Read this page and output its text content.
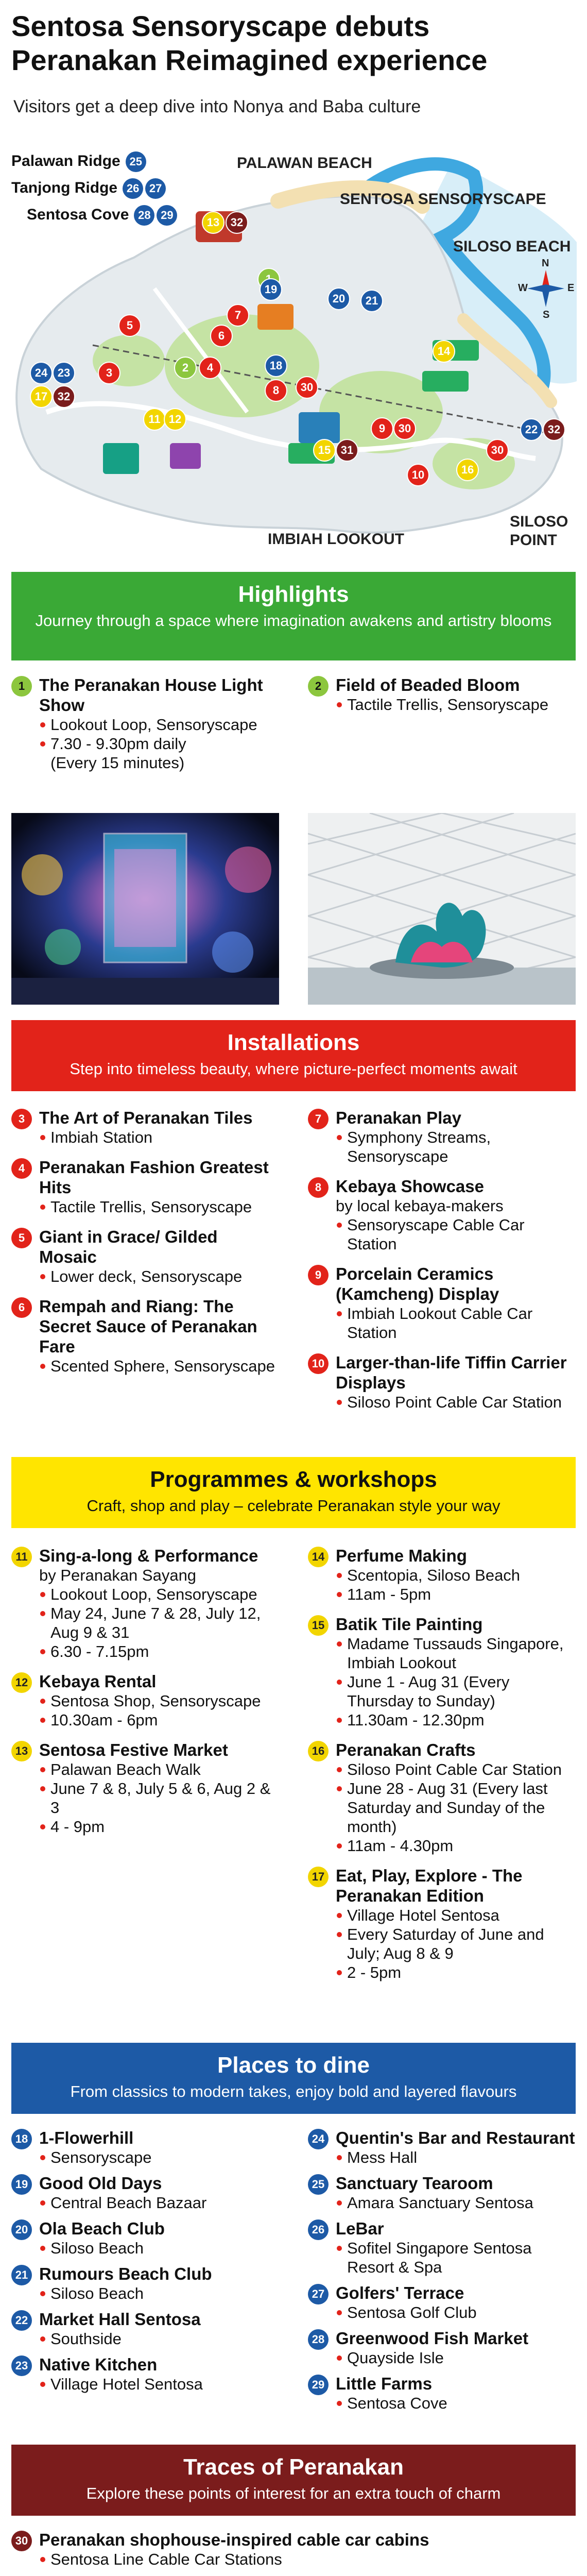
Sentosa Sensoryscape debuts Peranakan Reimagined experience
Visitors get a deep dive into Nonya and Baba culture
N
S
W	E
Palawan Ridge 25
Tanjong Ridge 26 27
Sentosa Cove 28 29
PALAWAN BEACH
SENTOSA SENSORYSCAPE
SILOSO BEACH
IMBIAH LOOKOUT
SILOSO POINT
13 32
19
20	21
14
7
6
5
2	4	18
30
8
3
24 23
17 32
11 12
9	30
15 31
10	16
30
22 32
Highlights
Journey through a space where imagination awakens and artistry blooms
1 The Peranakan House Light Show
Lookout Loop, Sensoryscape
7.30 - 9.30pm daily
(Every 15 minutes)
2 Field of Beaded Bloom
Tactile Trellis, Sensoryscape
Installations
Step into timeless beauty, where picture-perfect moments await
3 The Art of Peranakan Tiles
Imbiah Station
4 Peranakan Fashion Greatest Hits
Tactile Trellis, Sensoryscape
5 Giant in Grace/ Gilded Mosaic
Lower deck, Sensoryscape
6 Rempah and Riang: The Secret Sauce of Peranakan Fare
Scented Sphere, Sensoryscape
7 Peranakan Play
Symphony Streams, Sensoryscape
8 Kebaya Showcase
by local kebaya-makers
Sensoryscape Cable Car Station
9 Porcelain Ceramics (Kamcheng) Display
Imbiah Lookout Cable Car Station
10 Larger-than-life Tiffin Carrier Displays
Siloso Point Cable Car Station
Programmes & workshops
Craft, shop and play – celebrate Peranakan style your way
11 Sing-a-long & Performance
by Peranakan Sayang
Lookout Loop, Sensoryscape
May 24, June 7 & 28, July 12, Aug 9 & 31
6.30 - 7.15pm
12 Kebaya Rental
Sentosa Shop, Sensoryscape
10.30am - 6pm
13 Sentosa Festive Market
Palawan Beach Walk
June 7 & 8, July 5 & 6, Aug 2 & 3
4 - 9pm
14 Perfume Making
Scentopia, Siloso Beach
11am - 5pm
15 Batik Tile Painting
Madame Tussauds Singapore, Imbiah Lookout
June 1 - Aug 31 (Every Thursday to Sunday)
11.30am - 12.30pm
16 Peranakan Crafts
Siloso Point Cable Car Station
June 28 - Aug 31 (Every last Saturday and Sunday of the month)
11am - 4.30pm
17 Eat, Play, Explore - The Peranakan Edition
Village Hotel Sentosa
Every Saturday of June and July; Aug 8 & 9
2 - 5pm
Places to dine
From classics to modern takes, enjoy bold and layered flavours
18 1-Flowerhill
Sensoryscape
19 Good Old Days
Central Beach Bazaar
20 Ola Beach Club
Siloso Beach
21 Rumours Beach Club
Siloso Beach
22 Market Hall Sentosa
Southside
23 Native Kitchen
Village Hotel Sentosa
24 Quentin's Bar and Restaurant
Mess Hall
25 Sanctuary Tearoom
Amara Sanctuary Sentosa
26 LeBar
Sofitel Singapore Sentosa Resort & Spa
27 Golfers' Terrace
Sentosa Golf Club
28 Greenwood Fish Market
Quayside Isle
29 Little Farms
Sentosa Cove
Traces of Peranakan
Explore these points of interest for an extra touch of charm
30 Peranakan shophouse-inspired cable car cabins
Sentosa Line Cable Car Stations
